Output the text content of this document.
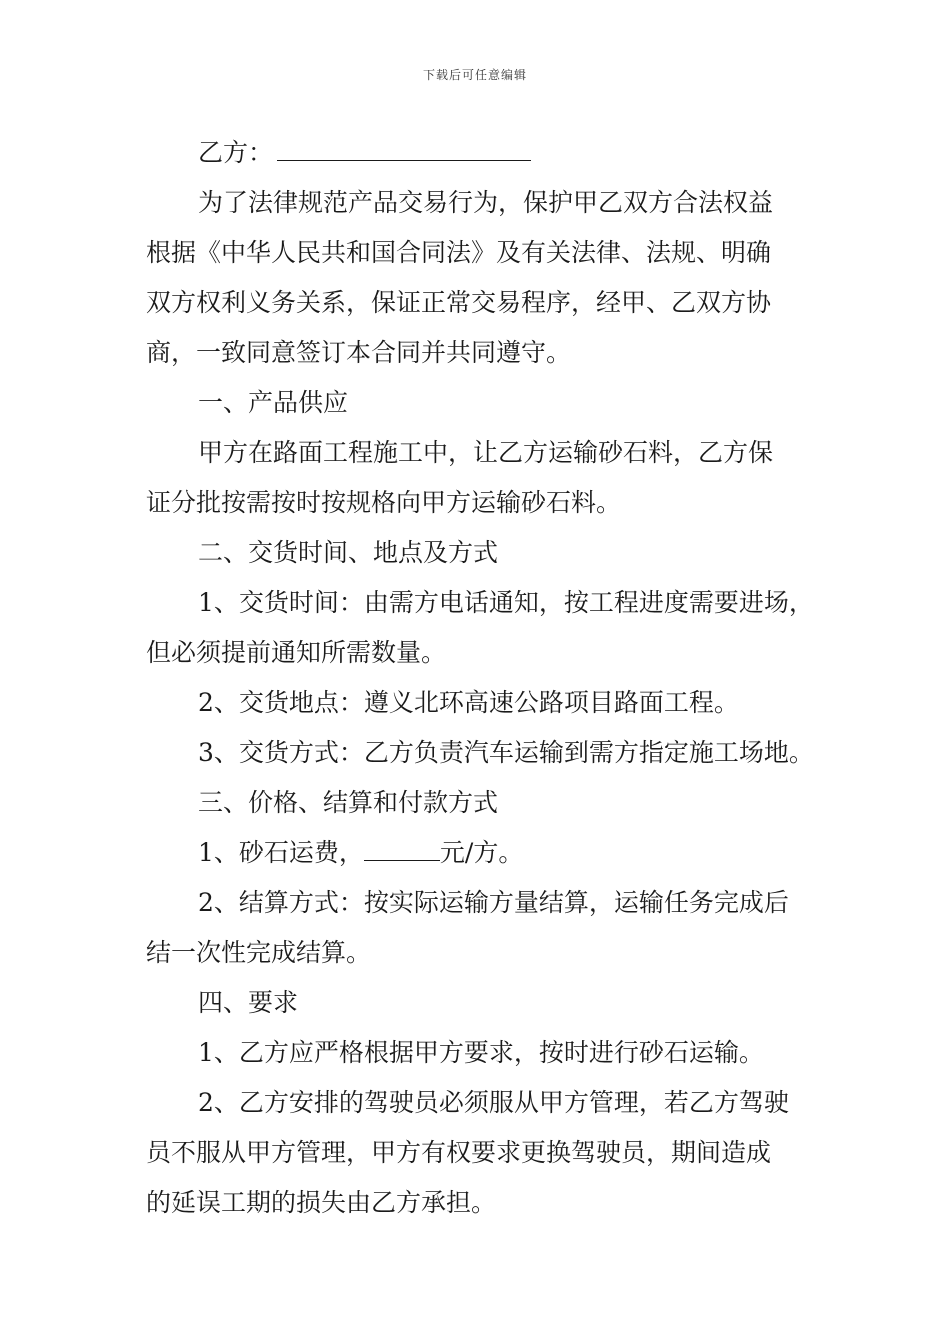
下载后可任意编辑
乙方：
为了法律规范产品交易行为，保护甲乙双方合法权益
根据《中华人民共和国合同法》及有关法律、法规、明确
双方权利义务关系，保证正常交易程序，经甲、乙双方协
商，一致同意签订本合同并共同遵守。
一、产品供应
甲方在路面工程施工中，让乙方运输砂石料，乙方保
证分批按需按时按规格向甲方运输砂石料。
二、交货时间、地点及方式
1、交货时间：由需方电话通知，按工程进度需要进场，
但必须提前通知所需数量。
2、交货地点：遵义北环高速公路项目路面工程。
3、交货方式：乙方负责汽车运输到需方指定施工场地。
三、价格、结算和付款方式
1、砂石运费，	元/方。
2、结算方式：按实际运输方量结算，运输任务完成后
结一次性完成结算。
四、要求
1、乙方应严格根据甲方要求，按时进行砂石运输。
2、乙方安排的驾驶员必须服从甲方管理，若乙方驾驶
员不服从甲方管理，甲方有权要求更换驾驶员，期间造成
的延误工期的损失由乙方承担。
